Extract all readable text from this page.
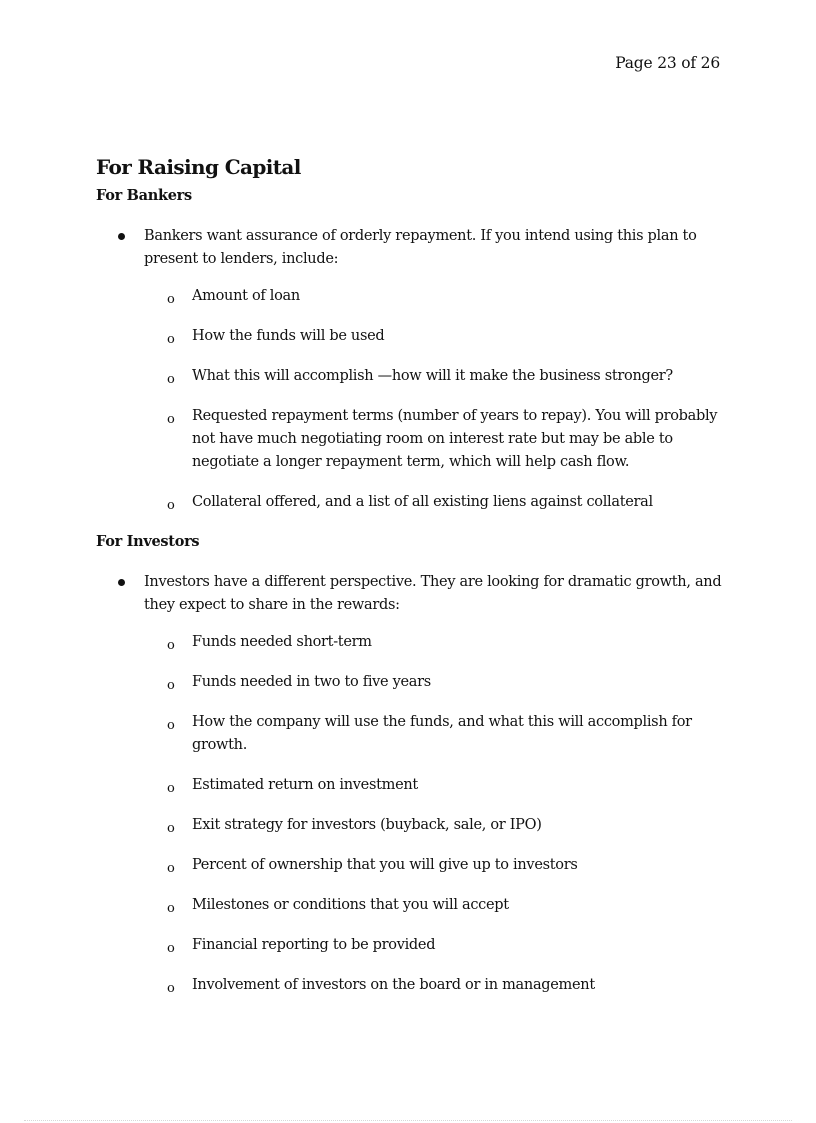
Page 23 of 26
For Raising Capital
For Bankers
Bankers want assurance of orderly repayment. If you intend using this plan to present to lenders, include:
o Amount of loan
o How the funds will be used
o What this will accomplish —how will it make the business stronger?
o Requested repayment terms (number of years to repay). You will probably not have much negotiating room on interest rate but may be able to negotiate a longer repayment term, which will help cash flow.
o Collateral offered, and a list of all existing liens against collateral
For Investors
Investors have a different perspective. They are looking for dramatic growth, and they expect to share in the rewards:
o Funds needed short-term
o Funds needed in two to five years
o How the company will use the funds, and what this will accomplish for growth.
o Estimated return on investment
o Exit strategy for investors (buyback, sale, or IPO)
o Percent of ownership that you will give up to investors
o Milestones or conditions that you will accept
o Financial reporting to be provided
o Involvement of investors on the board or in management
